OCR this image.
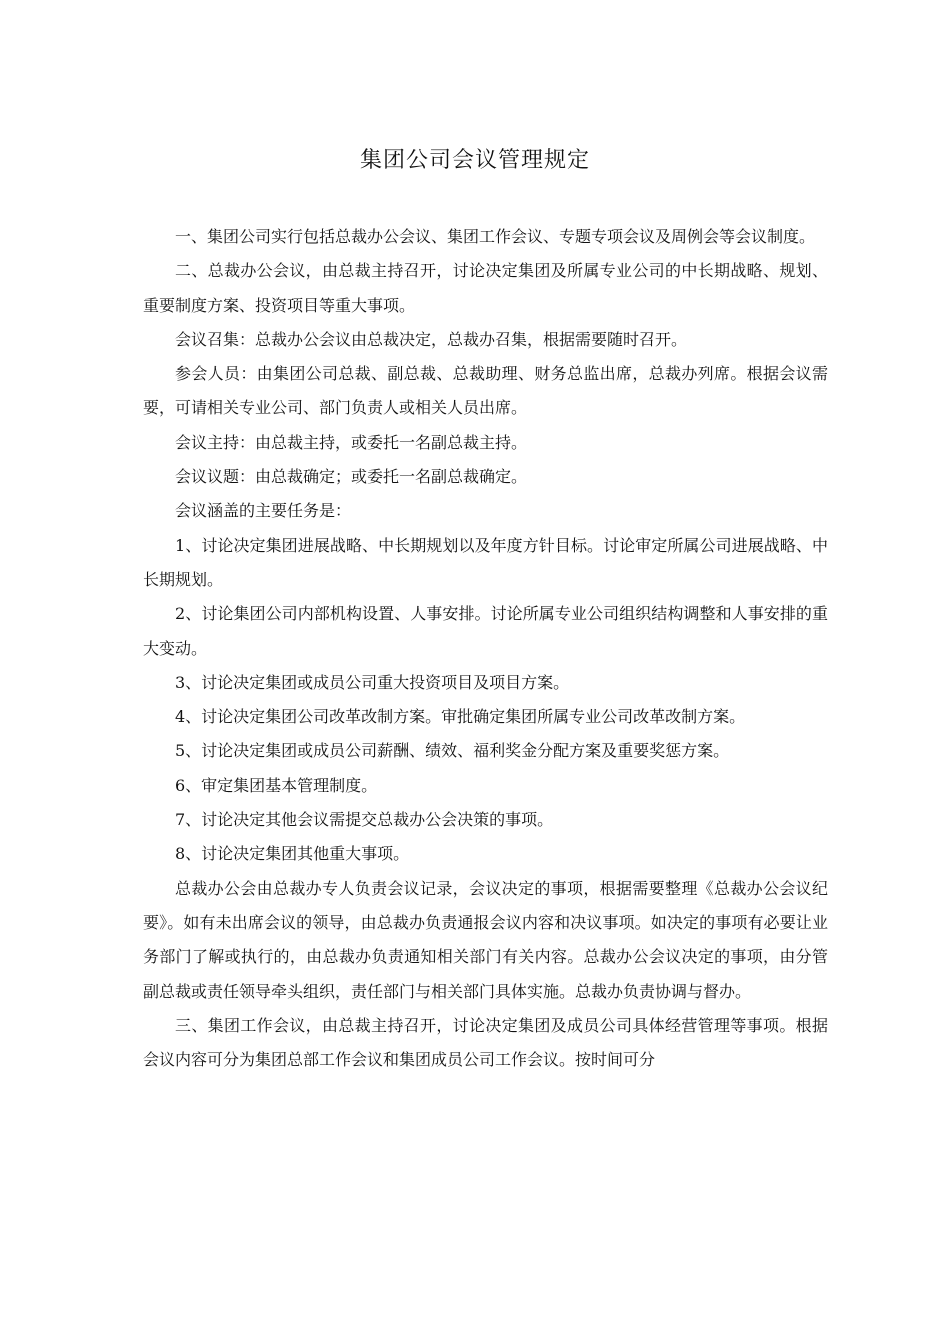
集团公司会议管理规定

一、集团公司实行包括总裁办公会议、集团工作会议、专题专项会议及周例会等会议制度。

二、总裁办公会议，由总裁主持召开，讨论决定集团及所属专业公司的中长期战略、规划、重要制度方案、投资项目等重大事项。

会议召集：总裁办公会议由总裁决定，总裁办召集，根据需要随时召开。

参会人员：由集团公司总裁、副总裁、总裁助理、财务总监出席，总裁办列席。根据会议需要，可请相关专业公司、部门负责人或相关人员出席。

会议主持：由总裁主持，或委托一名副总裁主持。

会议议题：由总裁确定；或委托一名副总裁确定。

会议涵盖的主要任务是：

1、讨论决定集团进展战略、中长期规划以及年度方针目标。讨论审定所属公司进展战略、中长期规划。

2、讨论集团公司内部机构设置、人事安排。讨论所属专业公司组织结构调整和人事安排的重大变动。

3、讨论决定集团或成员公司重大投资项目及项目方案。

4、讨论决定集团公司改革改制方案。审批确定集团所属专业公司改革改制方案。

5、讨论决定集团或成员公司薪酬、绩效、福利奖金分配方案及重要奖惩方案。

6、审定集团基本管理制度。

7、讨论决定其他会议需提交总裁办公会决策的事项。

8、讨论决定集团其他重大事项。

总裁办公会由总裁办专人负责会议记录，会议决定的事项，根据需要整理《总裁办公会议纪要》。如有未出席会议的领导，由总裁办负责通报会议内容和决议事项。如决定的事项有必要让业务部门了解或执行的，由总裁办负责通知相关部门有关内容。总裁办公会议决定的事项，由分管副总裁或责任领导牵头组织，责任部门与相关部门具体实施。总裁办负责协调与督办。

三、集团工作会议，由总裁主持召开，讨论决定集团及成员公司具体经营管理等事项。根据会议内容可分为集团总部工作会议和集团成员公司工作会议。按时间可分
